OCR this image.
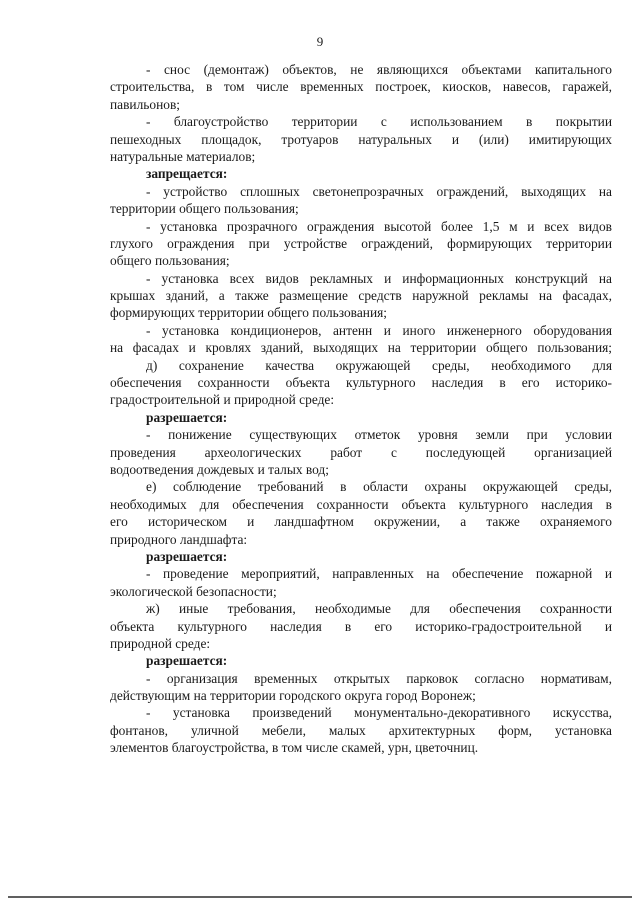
9
- снос (демонтаж) объектов, не являющихся объектами капитального
строительства, в том числе временных построек, киосков, навесов, гаражей,
павильонов;
- благоустройство территории с использованием в покрытии
пешеходных площадок, тротуаров натуральных и (или) имитирующих
натуральные материалов;
запрещается:
- устройство сплошных светонепрозрачных ограждений, выходящих на
территории общего пользования;
- установка прозрачного ограждения высотой более 1,5 м и всех видов
глухого ограждения при устройстве ограждений, формирующих территории
общего пользования;
- установка всех видов рекламных и информационных конструкций на
крышах зданий, а также размещение средств наружной рекламы на фасадах,
формирующих территории общего пользования;
- установка кондиционеров, антенн и иного инженерного оборудования
на фасадах и кровлях зданий, выходящих на территории общего пользования;
д) сохранение качества окружающей среды, необходимого для
обеспечения сохранности объекта культурного наследия в его историко-
градостроительной и природной среде:
разрешается:
- понижение существующих отметок уровня земли при условии
проведения археологических работ с последующей организацией
водоотведения дождевых и талых вод;
е) соблюдение требований в области охраны окружающей среды,
необходимых для обеспечения сохранности объекта культурного наследия в
его историческом и ландшафтном окружении, а также охраняемого
природного ландшафта:
разрешается:
- проведение мероприятий, направленных на обеспечение пожарной и
экологической безопасности;
ж) иные требования, необходимые для обеспечения сохранности
объекта культурного наследия в его историко-градостроительной и
природной среде:
разрешается:
- организация временных открытых парковок согласно нормативам,
действующим на территории городского округа город Воронеж;
- установка произведений монументально-декоративного искусства,
фонтанов, уличной мебели, малых архитектурных форм, установка
элементов благоустройства, в том числе скамей, урн, цветочниц.
